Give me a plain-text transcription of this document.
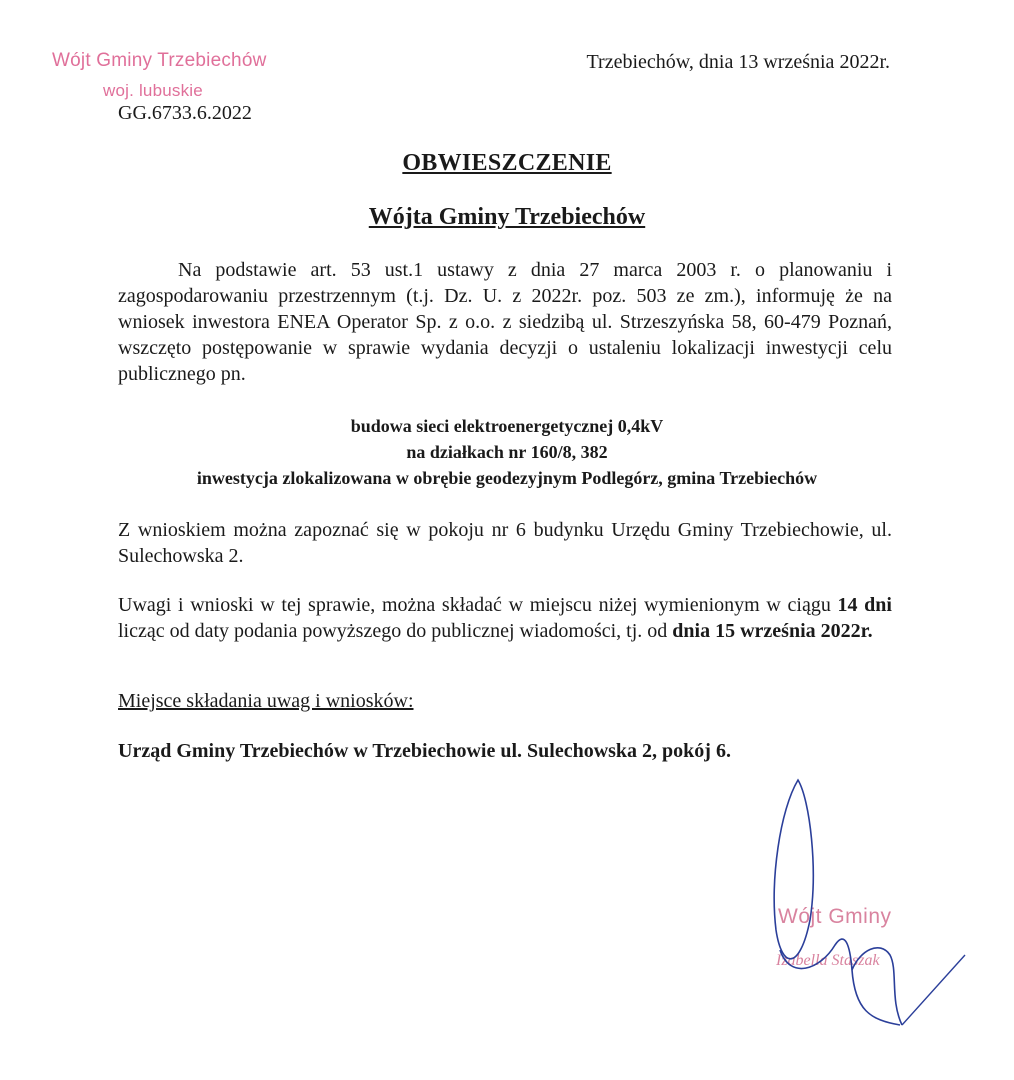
Wójt Gminy Trzebiechów
woj. lubuskie
Trzebiechów, dnia 13 września 2022r.
GG.6733.6.2022
OBWIESZCZENIE
Wójta Gminy Trzebiechów
Na podstawie art. 53 ust.1 ustawy z dnia 27 marca 2003 r. o planowaniu i zagospodarowaniu przestrzennym (t.j. Dz. U. z 2022r. poz. 503 ze zm.), informuję że na wniosek inwestora ENEA Operator Sp. z o.o. z siedzibą ul. Strzeszyńska 58, 60-479 Poznań, wszczęto postępowanie w sprawie wydania decyzji o ustaleniu lokalizacji inwestycji celu publicznego pn.
budowa sieci elektroenergetycznej 0,4kV
na działkach nr 160/8, 382
inwestycja zlokalizowana w obrębie geodezyjnym Podlegórz, gmina Trzebiechów
Z wnioskiem można zapoznać się w pokoju nr 6 budynku Urzędu Gminy Trzebiechowie, ul. Sulechowska 2.
Uwagi i wnioski w tej sprawie, można składać w miejscu niżej wymienionym w ciągu 14 dni licząc od daty podania powyższego do publicznej wiadomości, tj. od dnia 15 września 2022r.
Miejsce składania uwag i wniosków:
Urząd Gminy Trzebiechów w Trzebiechowie ul. Sulechowska 2, pokój 6.
Wójt Gminy
Izabella Staszak
